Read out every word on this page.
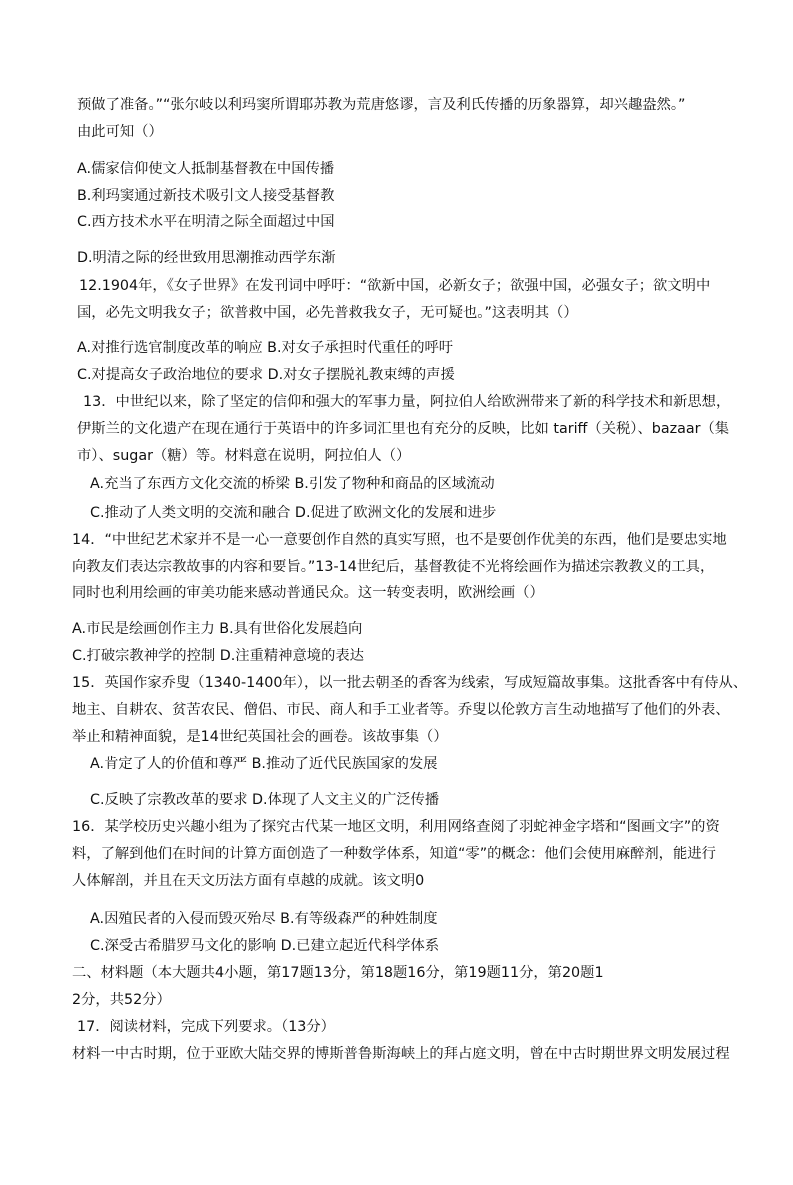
预做了准备。”“张尔岐以利玛窦所谓耶苏教为荒唐悠谬，言及利氏传播的历象器算，却兴趣盎然。”
由此可知（）
A.儒家信仰使文人抵制基督教在中国传播
B.利玛窦通过新技术吸引文人接受基督教
C.西方技术水平在明清之际全面超过中国
D.明清之际的经世致用思潮推动西学东渐
12.1904年，《女子世界》在发刊词中呼吁：“欲新中国，必新女子；欲强中国，必强女子；欲文明中
国，必先文明我女子；欲普救中国，必先普救我女子，无可疑也。”这表明其（）
A.对推行选官制度改革的响应 B.对女子承担时代重任的呼吁
C.对提高女子政治地位的要求 D.对女子摆脱礼教束缚的声援
13．中世纪以来，除了坚定的信仰和强大的军事力量，阿拉伯人给欧洲带来了新的科学技术和新思想，
伊斯兰的文化遗产在现在通行于英语中的许多词汇里也有充分的反映，比如 tariff（关税）、bazaar（集
市）、sugar（糖）等。材料意在说明，阿拉伯人（）
A.充当了东西方文化交流的桥梁 B.引发了物种和商品的区域流动
C.推动了人类文明的交流和融合 D.促进了欧洲文化的发展和进步
14．“中世纪艺术家并不是一心一意要创作自然的真实写照，也不是要创作优美的东西，他们是要忠实地
向教友们表达宗教故事的内容和要旨。”13-14世纪后，基督教徒不光将绘画作为描述宗教教义的工具，
同时也利用绘画的审美功能来感动普通民众。这一转变表明，欧洲绘画（）
A.市民是绘画创作主力 B.具有世俗化发展趋向
C.打破宗教神学的控制 D.注重精神意境的表达
15．英国作家乔叟（1340-1400年），以一批去朝圣的香客为线索，写成短篇故事集。这批香客中有侍从、
地主、自耕农、贫苦农民、僧侣、市民、商人和手工业者等。乔叟以伦敦方言生动地描写了他们的外表、
举止和精神面貌，是14世纪英国社会的画卷。该故事集（）
A.肯定了人的价值和尊严 B.推动了近代民族国家的发展
C.反映了宗教改革的要求 D.体现了人文主义的广泛传播
16．某学校历史兴趣小组为了探究古代某一地区文明，利用网络查阅了羽蛇神金字塔和“图画文字”的资
料，了解到他们在时间的计算方面创造了一种数学体系，知道“零”的概念：他们会使用麻醉剂，能进行
人体解剖，并且在天文历法方面有卓越的成就。该文明0
A.因殖民者的入侵而毁灭殆尽 B.有等级森严的种姓制度
C.深受古希腊罗马文化的影响 D.已建立起近代科学体系
二、材料题（本大题共4小题，第17题13分，第18题16分，第19题11分，第20题1
2分，共52分）
17．阅读材料，完成下列要求。（13分）
材料一中古时期，位于亚欧大陆交界的博斯普鲁斯海峡上的拜占庭文明，曾在中古时期世界文明发展过程
